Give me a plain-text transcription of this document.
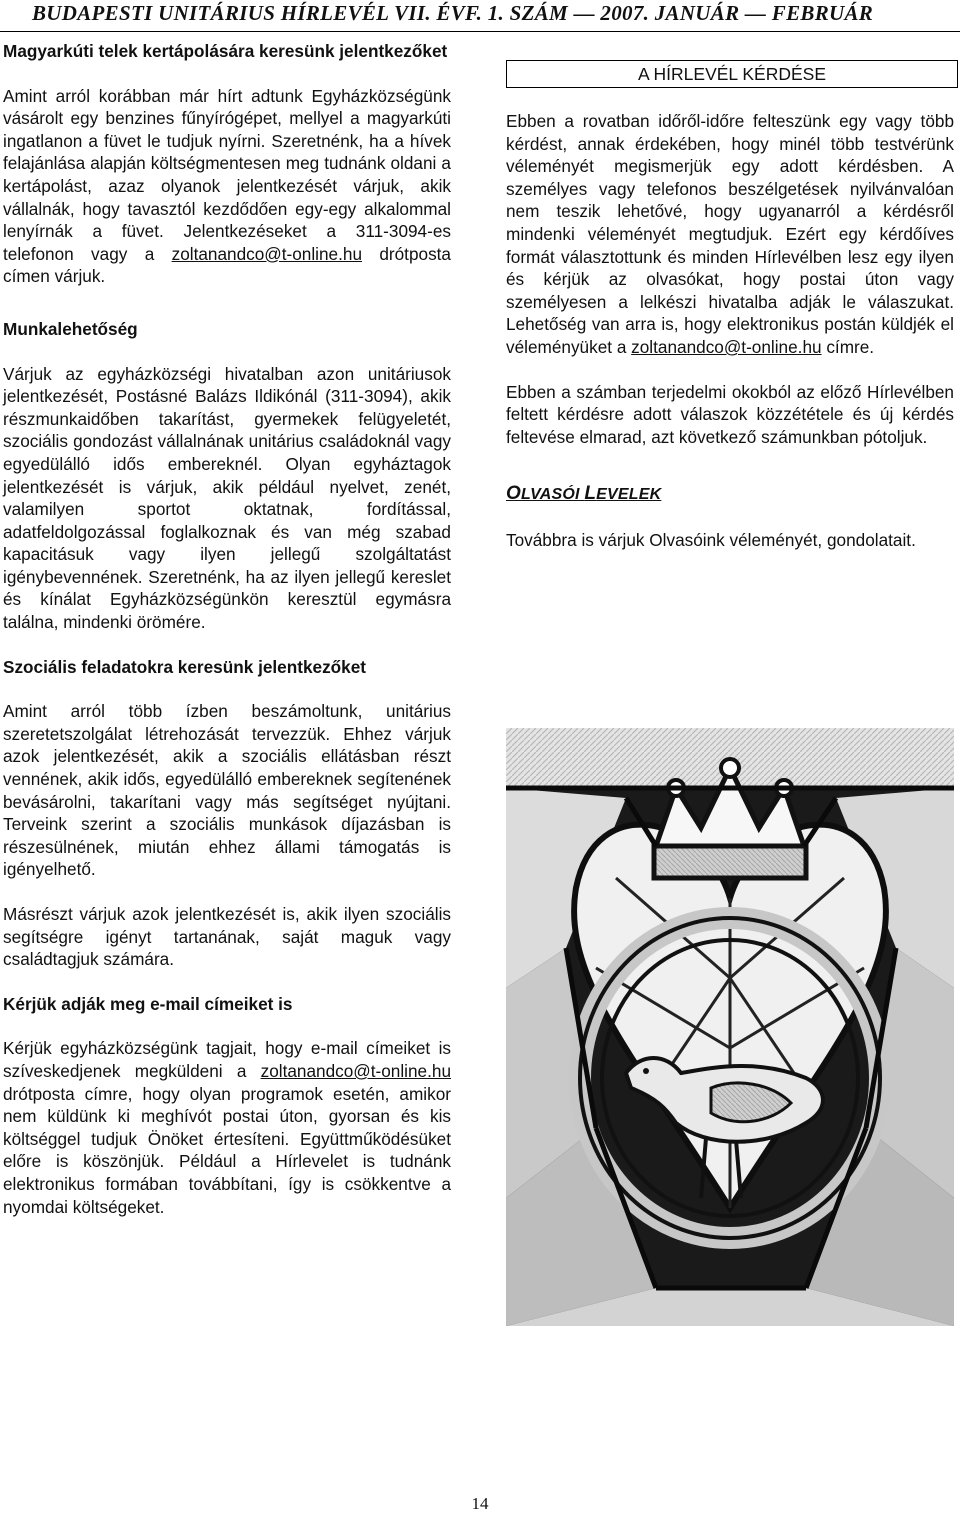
BUDAPESTI UNITÁRIUS HÍRLEVÉL VII. ÉVF. 1. SZÁM — 2007. JANUÁR — FEBRUÁR
Magyarkúti telek kertápolására keresünk jelentkezőket

Amint arról korábban már hírt adtunk Egyházközségünk vásárolt egy benzines fűnyírógépet, mellyel a magyarkúti ingatlanon a füvet le tudjuk nyírni. Szeretnénk, ha a hívek felajánlása alapján költségmentesen meg tudnánk oldani a kertápolást, azaz olyanok jelentkezését várjuk, akik vállalnák, hogy tavasztól kezdődően egy-egy alkalommal lenyírnák a füvet. Jelentkezéseket a 311-3094-es telefonon vagy a zoltanandco@t-online.hu drótposta címen várjuk.

Munkalehetőség

Várjuk az egyházközségi hivatalban azon unitáriusok jelentkezését, Postásné Balázs Ildikónál (311-3094), akik részmunkaidőben takarítást, gyermekek felügyeletét, szociális gondozást vállalnának unitárius családoknál vagy egyedülálló idős embereknél. Olyan egyháztagok jelentkezését is várjuk, akik például nyelvet, zenét, valamilyen sportot oktatnak, fordítással, adatfeldolgozással foglalkoznak és van még szabad kapacitásuk vagy ilyen jellegű szolgáltatást igénybevennének. Szeretnénk, ha az ilyen jellegű kereslet és kínálat Egyházközségünkön keresztül egymásra találna, mindenki örömére.

Szociális feladatokra keresünk jelentkezőket

Amint arról több ízben beszámoltunk, unitárius szeretetszolgálat létrehozását tervezzük. Ehhez várjuk azok jelentkezését, akik a szociális ellátásban részt vennének, akik idős, egyedülálló embereknek segítenének bevásárolni, takarítani vagy más segítséget nyújtani. Terveink szerint a szociális munkások díjazásban is részesülnének, miután ehhez állami támogatás is igényelhető.

Másrészt várjuk azok jelentkezését is, akik ilyen szociális segítségre igényt tartanának, saját maguk vagy családtagjuk számára.

Kérjük adják meg e-mail címeiket is

Kérjük egyházközségünk tagjait, hogy e-mail címeiket is szíveskedjenek megküldeni a zoltanandco@t-online.hu drótposta címre, hogy olyan programok esetén, amikor nem küldünk ki meghívót postai úton, gyorsan és kis költséggel tudjuk Önöket értesíteni. Együttműködésüket előre is köszönjük. Például a Hírlevelet is tudnánk elektronikus formában továbbítani, így is csökkentve a nyomdai költségeket.

A HÍRLEVÉL KÉRDÉSE

Ebben a rovatban időről-időre felteszünk egy vagy több kérdést, annak érdekében, hogy minél több testvérünk véleményét megismerjük egy adott kérdésben. A személyes vagy telefonos beszélgetések nyilvánvalóan nem teszik lehetővé, hogy ugyanarról a kérdésről mindenki véleményét megtudjuk. Ezért egy kérdőíves formát választottunk és minden Hírlevélben lesz egy ilyen és kérjük az olvasókat, hogy postai úton vagy személyesen a lelkészi hivatalba adják le válaszukat. Lehetőség van arra is, hogy elektronikus postán küldjék el véleményüket a zoltanandco@t-online.hu címre.

Ebben a számban terjedelmi okokból az előző Hírlevélben feltett kérdésre adott válaszok közzététele és új kérdés feltevése elmarad, azt következő számunkban pótoljuk.

OLVASÓI LEVELEK

Továbbra is várjuk Olvasóink véleményét, gondolatait.

14
